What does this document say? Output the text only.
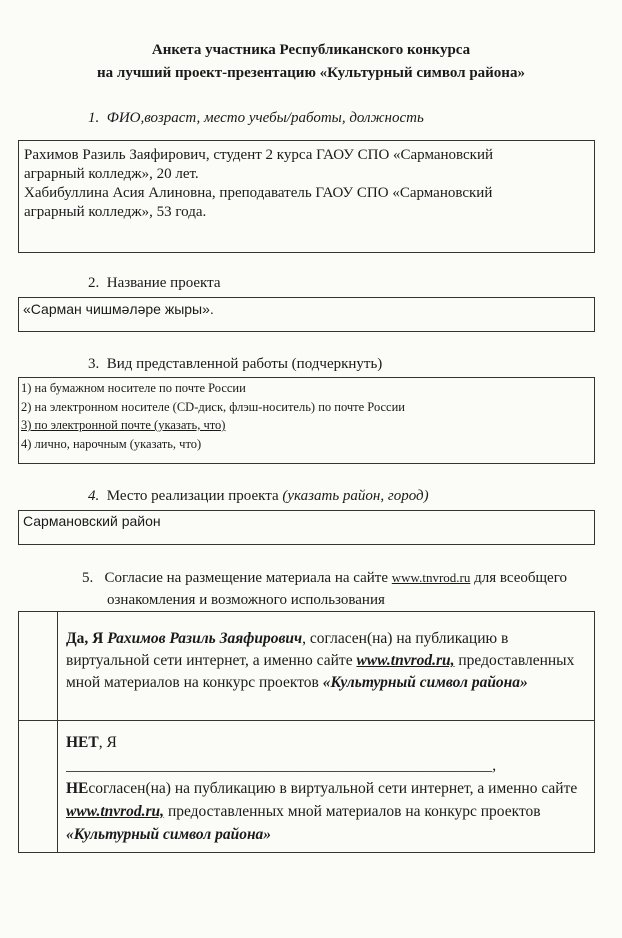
Анкета участника Республиканского конкурса
на лучший проект-презентацию «Культурный символ района»
1. ФИО,возраст, место учебы/работы, должность
Рахимов Разиль Заяфирович, студент 2 курса ГАОУ СПО «Сармановский
аграрный колледж», 20 лет.
Хабибуллина Асия Алиновна, преподаватель ГАОУ СПО «Сармановский
аграрный колледж», 53 года.
2. Название проекта
«Сарман чишмәләре жыры».
3. Вид представленной работы (подчеркнуть)
1) на бумажном носителе по почте России
2) на электронном носителе (CD-диск, флэш-носитель) по почте России
3) по электронной почте (указать, что)
4) лично, нарочным (указать, что)
4. Место реализации проекта (указать район, город)
Сармановский район
5. Согласие на размещение материала на сайте www.tnvrod.ru для всеобщего
ознакомления и возможного использования
	Да, Я Рахимов Разиль Заяфирович, согласен(на) на публикацию в виртуальной сети интернет, а именно сайте www.tnvrod.ru, предоставленных мной материалов на конкурс проектов «Культурный символ района»

	НЕТ, Я
_______________________________________________________,
НЕсогласен(на) на публикацию в виртуальной сети интернет, а именно сайте www.tnvrod.ru, предоставленных мной материалов на конкурс проектов «Культурный символ района»
